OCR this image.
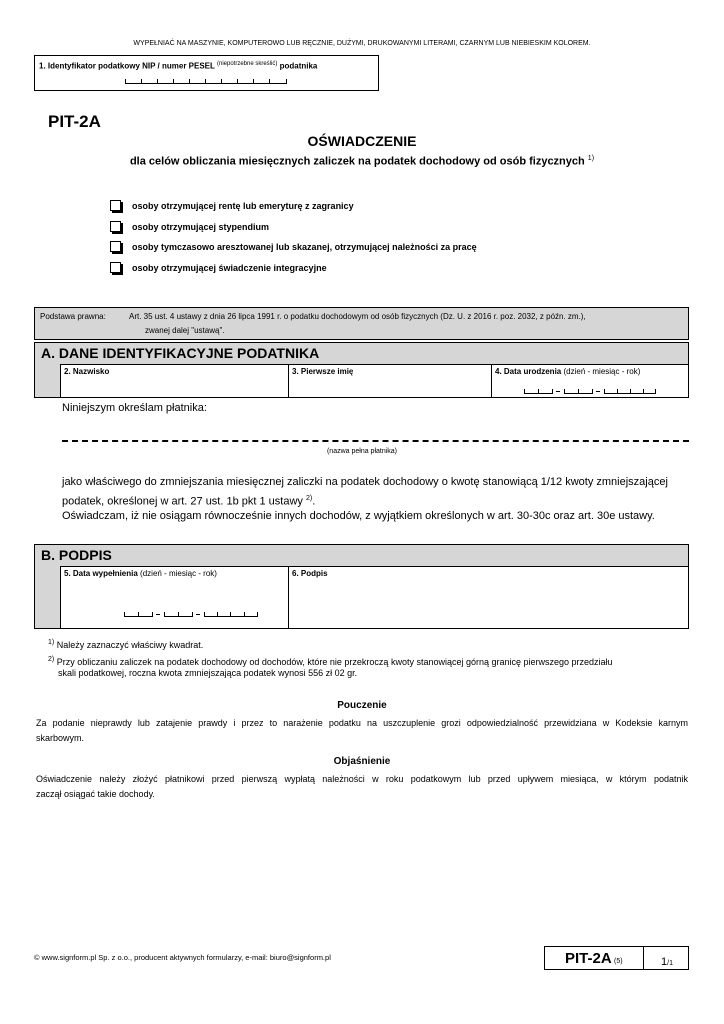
WYPEŁNIAĆ NA MASZYNIE, KOMPUTEROWO LUB RĘCZNIE, DUŻYMI, DRUKOWANYMI LITERAMI, CZARNYM LUB NIEBIESKIM KOLOREM.
1. Identyfikator podatkowy NIP / numer PESEL $^{(niepotrzebne skreślić)}$ podatnika
PIT-2A
OŚWIADCZENIE
dla celów obliczania miesięcznych zaliczek na podatek dochodowy od osób fizycznych $^{1)}$
osoby otrzymującej rentę lub emeryturę z zagranicy
osoby otrzymującej stypendium
osoby tymczasowo aresztowanej lub skazanej, otrzymującej należności za pracę
osoby otrzymującej świadczenie integracyjne
Podstawa prawna:	Art. 35 ust. 4 ustawy z dnia 26 lipca 1991 r. o podatku dochodowym od osób fizycznych (Dz. U. z 2016 r. poz. 2032, z późn. zm.),
zwanej dalej "ustawą".
A. DANE IDENTYFIKACYJNE PODATNIKA
2. Nazwisko	3. Pierwsze imię	4. Data urodzenia (dzień - miesiąc - rok)
Niniejszym określam płatnika:
(nazwa pełna płatnika)
jako właściwego do zmniejszania miesięcznej zaliczki na podatek dochodowy o kwotę stanowiącą 1/12 kwoty zmniejszającej
podatek, określonej w art. 27 ust. 1b pkt 1 ustawy $^{2)}$.
Oświadczam, iż nie osiągam równocześnie innych dochodów, z wyjątkiem określonych w art. 30-30c oraz art. 30e ustawy.
B. PODPIS
5. Data wypełnienia (dzień - miesiąc - rok)	6. Podpis
$^{1)}$ Należy zaznaczyć właściwy kwadrat.
$^{2)}$ Przy obliczaniu zaliczek na podatek dochodowy od dochodów, które nie przekroczą kwoty stanowiącej górną granicę pierwszego przedziału
skali podatkowej, roczna kwota zmniejszająca podatek wynosi 556 zł 02 gr.
Pouczenie
Za podanie nieprawdy lub zatajenie prawdy i przez to narażenie podatku na uszczuplenie grozi odpowiedzialność przewidziana w Kodeksie karnym
skarbowym.
Objaśnienie
Oświadczenie należy złożyć płatnikowi przed pierwszą wypłatą należności w roku podatkowym lub przed upływem miesiąca, w którym podatnik
zaczął osiągać takie dochody.
© www.signform.pl Sp. z o.o., producent aktywnych formularzy, e-mail: biuro@signform.pl	PIT-2A (5)	1/1
